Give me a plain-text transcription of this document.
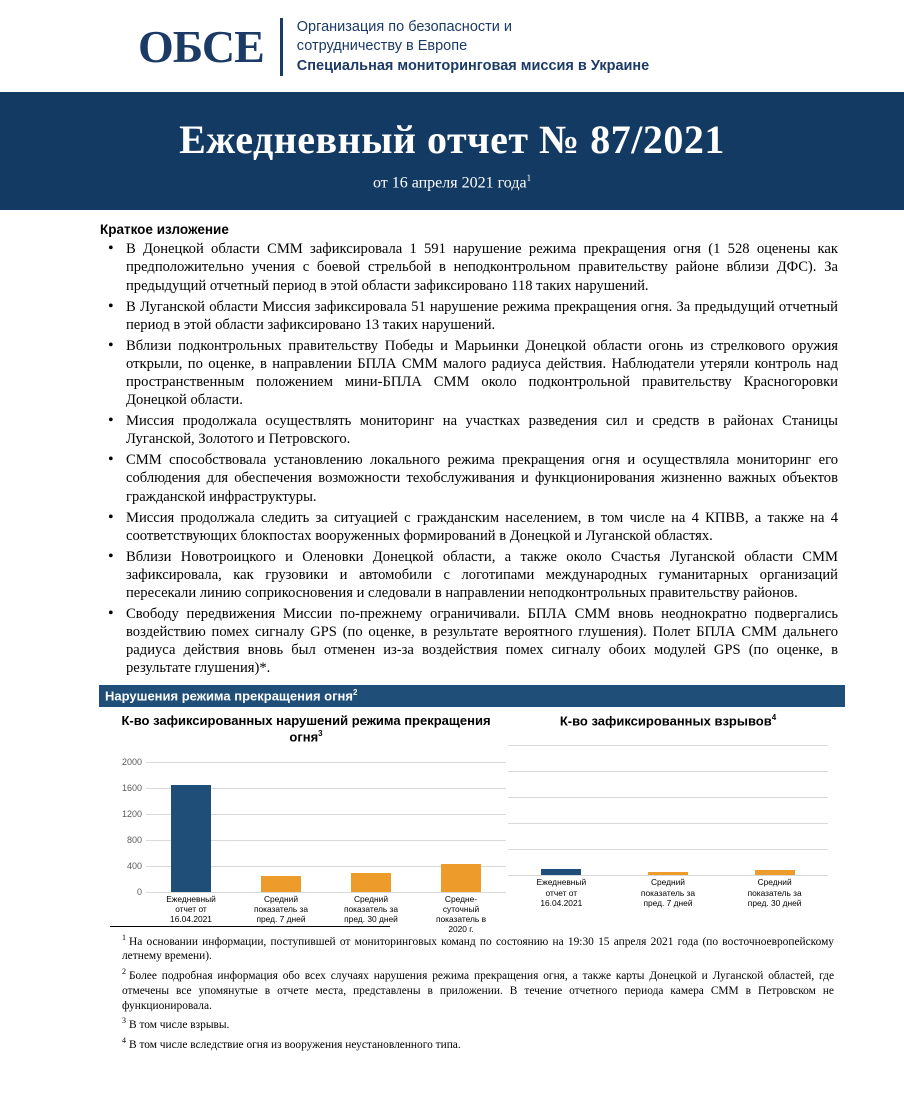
ОБСЕ Организация по безопасности и
сотрудничеству в Европе
Специальная мониторинговая миссия в Украине
Ежедневный отчет № 87/2021
от 16 апреля 2021 года$^1$
Краткое изложение
• В Донецкой области СММ зафиксировала 1 591 нарушение режима прекращения огня (1 528 оценены как предположительно учения с боевой стрельбой в неподконтрольном правительству районе вблизи ДФС). За предыдущий отчетный период в этой области зафиксировано 118 таких нарушений.
• В Луганской области Миссия зафиксировала 51 нарушение режима прекращения огня. За предыдущий отчетный период в этой области зафиксировано 13 таких нарушений.
• Вблизи подконтрольных правительству Победы и Марьинки Донецкой области огонь из стрелкового оружия открыли, по оценке, в направлении БПЛА СММ малого радиуса действия. Наблюдатели утеряли контроль над пространственным положением мини-БПЛА СММ около подконтрольной правительству Красногоровки Донецкой области.
• Миссия продолжала осуществлять мониторинг на участках разведения сил и средств в районах Станицы Луганской, Золотого и Петровского.
• СММ способствовала установлению локального режима прекращения огня и осуществляла мониторинг его соблюдения для обеспечения возможности техобслуживания и функционирования жизненно важных объектов гражданской инфраструктуры.
• Миссия продолжала следить за ситуацией с гражданским населением, в том числе на 4 КПВВ, а также на 4 соответствующих блокпостах вооруженных формирований в Донецкой и Луганской областях.
• Вблизи Новотроицкого и Оленовки Донецкой области, а также около Счастья Луганской области СММ зафиксировала, как грузовики и автомобили с логотипами международных гуманитарных организаций пересекали линию соприкосновения и следовали в направлении неподконтрольных правительству районов.
• Свободу передвижения Миссии по-прежнему ограничивали. БПЛА СММ вновь неоднократно подвергались воздействию помех сигналу GPS (по оценке, в результате вероятного глушения). Полет БПЛА СММ дальнего радиуса действия вновь был отменен из-за воздействия помех сигналу обоих модулей GPS (по оценке, в результате глушения)*.
Нарушения режима прекращения огня$^2$
К-во зафиксированных нарушений режима прекращения огня$^3$
2000
1600
1200
800
400
0
Ежедневный отчет от 16.04.2021
Средний показатель за пред. 7 дней
Средний показатель за пред. 30 дней
Средне-суточный показатель в 2020 г.
К-во зафиксированных взрывов$^4$
Ежедневный отчет от 16.04.2021
Средний показатель за пред. 7 дней
Средний показатель за пред. 30 дней

$^1$ На основании информации, поступившей от мониторинговых команд по состоянию на 19:30 15 апреля 2021 года (по восточноевропейскому летнему времени).

$^2$ Более подробная информация обо всех случаях нарушения режима прекращения огня, а также карты Донецкой и Луганской областей, где отмечены все упомянутые в отчете места, представлены в приложении. В течение отчетного периода камера СММ в Петровском не функционировала.

$^3$ В том числе взрывы.

$^4$ В том числе вследствие огня из вооружения неустановленного типа.
